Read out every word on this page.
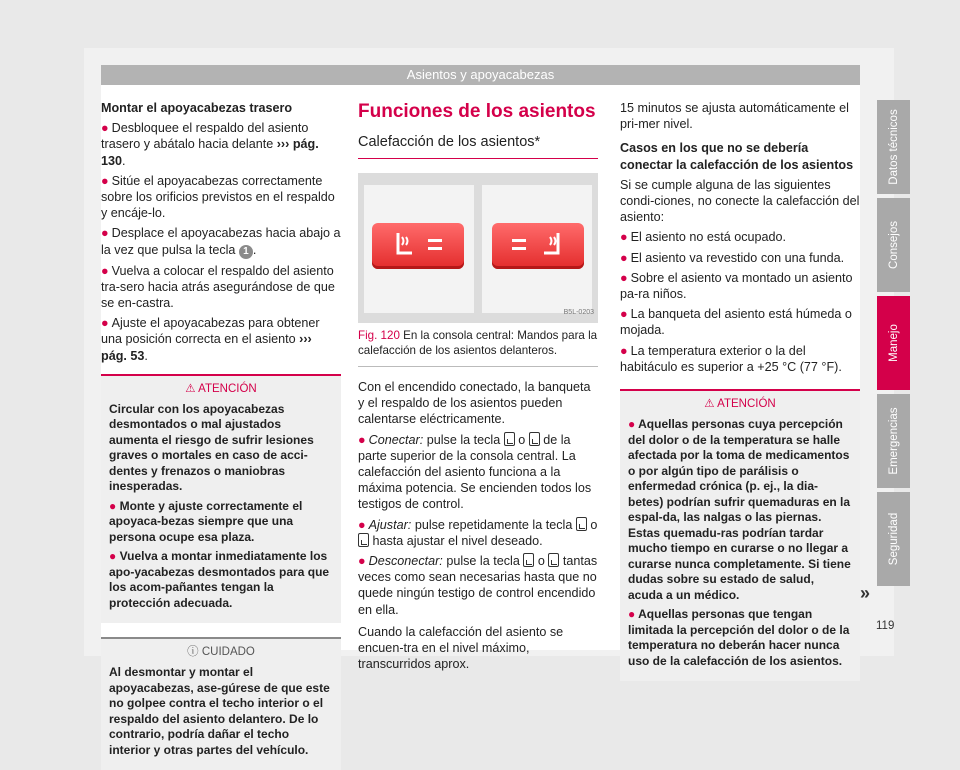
Asientos y apoyacabezas

Montar el apoyacabezas trasero

● Desbloquee el respaldo del asiento trasero y abátalo hacia delante ››› pág. 130.

● Sitúe el apoyacabezas correctamente sobre los orificios previstos en el respaldo y encáje-lo.

● Desplace el apoyacabezas hacia abajo a la vez que pulsa la tecla 1 .

● Vuelva a colocar el respaldo del asiento tra-sero hacia atrás asegurándose de que se en-castra.

● Ajuste el apoyacabezas para obtener una posición correcta en el asiento ››› pág. 53.

⚠ ATENCIÓN

Circular con los apoyacabezas desmontados o mal ajustados aumenta el riesgo de sufrir lesiones graves o mortales en caso de acci-dentes y frenazos o maniobras inesperadas.

● Monte y ajuste correctamente el apoyaca-bezas siempre que una persona ocupe esa plaza.

● Vuelva a montar inmediatamente los apo-yacabezas desmontados para que los acom-pañantes tengan la protección adecuada.

ⓘ CUIDADO

Al desmontar y montar el apoyacabezas, ase-gúrese de que este no golpee contra el techo interior o el respaldo del asiento delantero. De lo contrario, podría dañar el techo interior y otras partes del vehículo.

Funciones de los asientos
Calefacción de los asientos*
B5L-0203
Fig. 120 En la consola central: Mandos para la calefacción de los asientos delanteros.

Con el encendido conectado, la banqueta y el respaldo de los asientos pueden calentarse eléctricamente.

● Conectar: pulse la tecla o de la parte superior de la consola central. La calefacción del asiento funciona a la máxima potencia. Se encienden todos los testigos de control.

● Ajustar: pulse repetidamente la tecla o  hasta ajustar el nivel deseado.

● Desconectar: pulse la tecla o tantas veces como sean necesarias hasta que no quede ningún testigo de control encendido en ella.

Cuando la calefacción del asiento se encuen-tra en el nivel máximo, transcurridos aprox.

15 minutos se ajusta automáticamente el pri-mer nivel.

Casos en los que no se debería conectar la calefacción de los asientos

Si se cumple alguna de las siguientes condi-ciones, no conecte la calefacción del asiento:

● El asiento no está ocupado.

● El asiento va revestido con una funda.

● Sobre el asiento va montado un asiento pa-ra niños.

● La banqueta del asiento está húmeda o mojada.

● La temperatura exterior o la del habitáculo es superior a +25 °C (77 °F).

⚠ ATENCIÓN

● Aquellas personas cuya percepción del dolor o de la temperatura se halle afectada por la toma de medicamentos o por algún tipo de parálisis o enfermedad crónica (p. ej., la dia-betes) podrían sufrir quemaduras en la espal-da, las nalgas o las piernas. Estas quemadu-ras podrían tardar mucho tiempo en curarse o no llegar a curarse nunca completamente. Si tiene dudas sobre su estado de salud, acuda a un médico.

● Aquellas personas que tengan limitada la percepción del dolor o de la temperatura no deberán hacer nunca uso de la calefacción de los asientos.

»
Datos técnicos
Consejos
Manejo
Emergencias
Seguridad
119
